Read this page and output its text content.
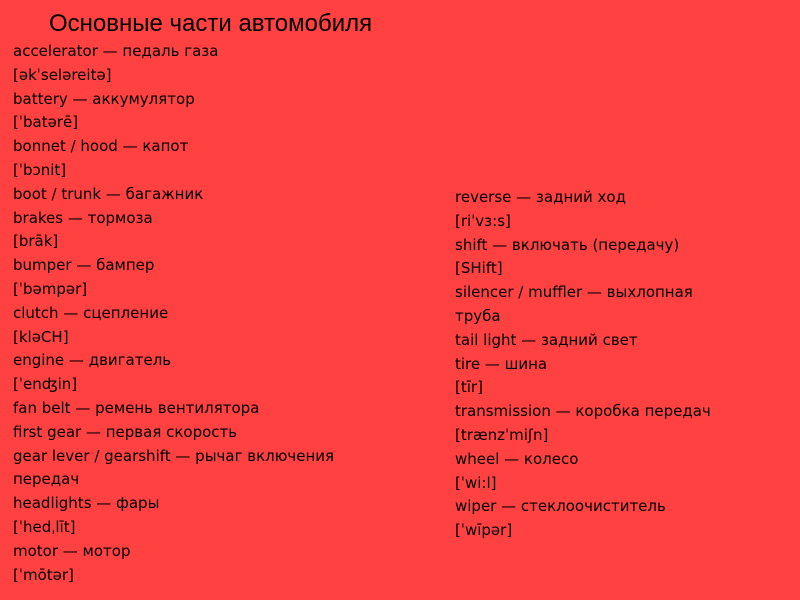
Основные части автомобиля
accelerator — педаль газа
[əkˈseləreitə]
battery — аккумулятор
[ˈbatərē]
bonnet / hood — капот
[ˈbɔnit]
boot / trunk — багажник
brakes — тормоза
[brāk]
bumper — бампер
[ˈbəmpər]
clutch — сцепление
[kləCH]
engine — двигатель
[ˈenʤin]
fan belt — ремень вентилятора
first gear — первая скорость
gear lever / gearshift — рычаг включения
передач
headlights — фары
[ˈhedˌlīt]
motor — мотор
[ˈmōtər]
reverse — задний ход
[riˈvɜ:s]
shift — включать (передачу)
[SHift]
silencer / muffler — выхлопная
труба
tail light — задний свет
tire — шина
[tīr]
transmission — коробка передач
[trænzˈmiʃn]
wheel — колесо
[ˈwi:l]
wiper — стеклоочиститель
[ˈwīpər]
